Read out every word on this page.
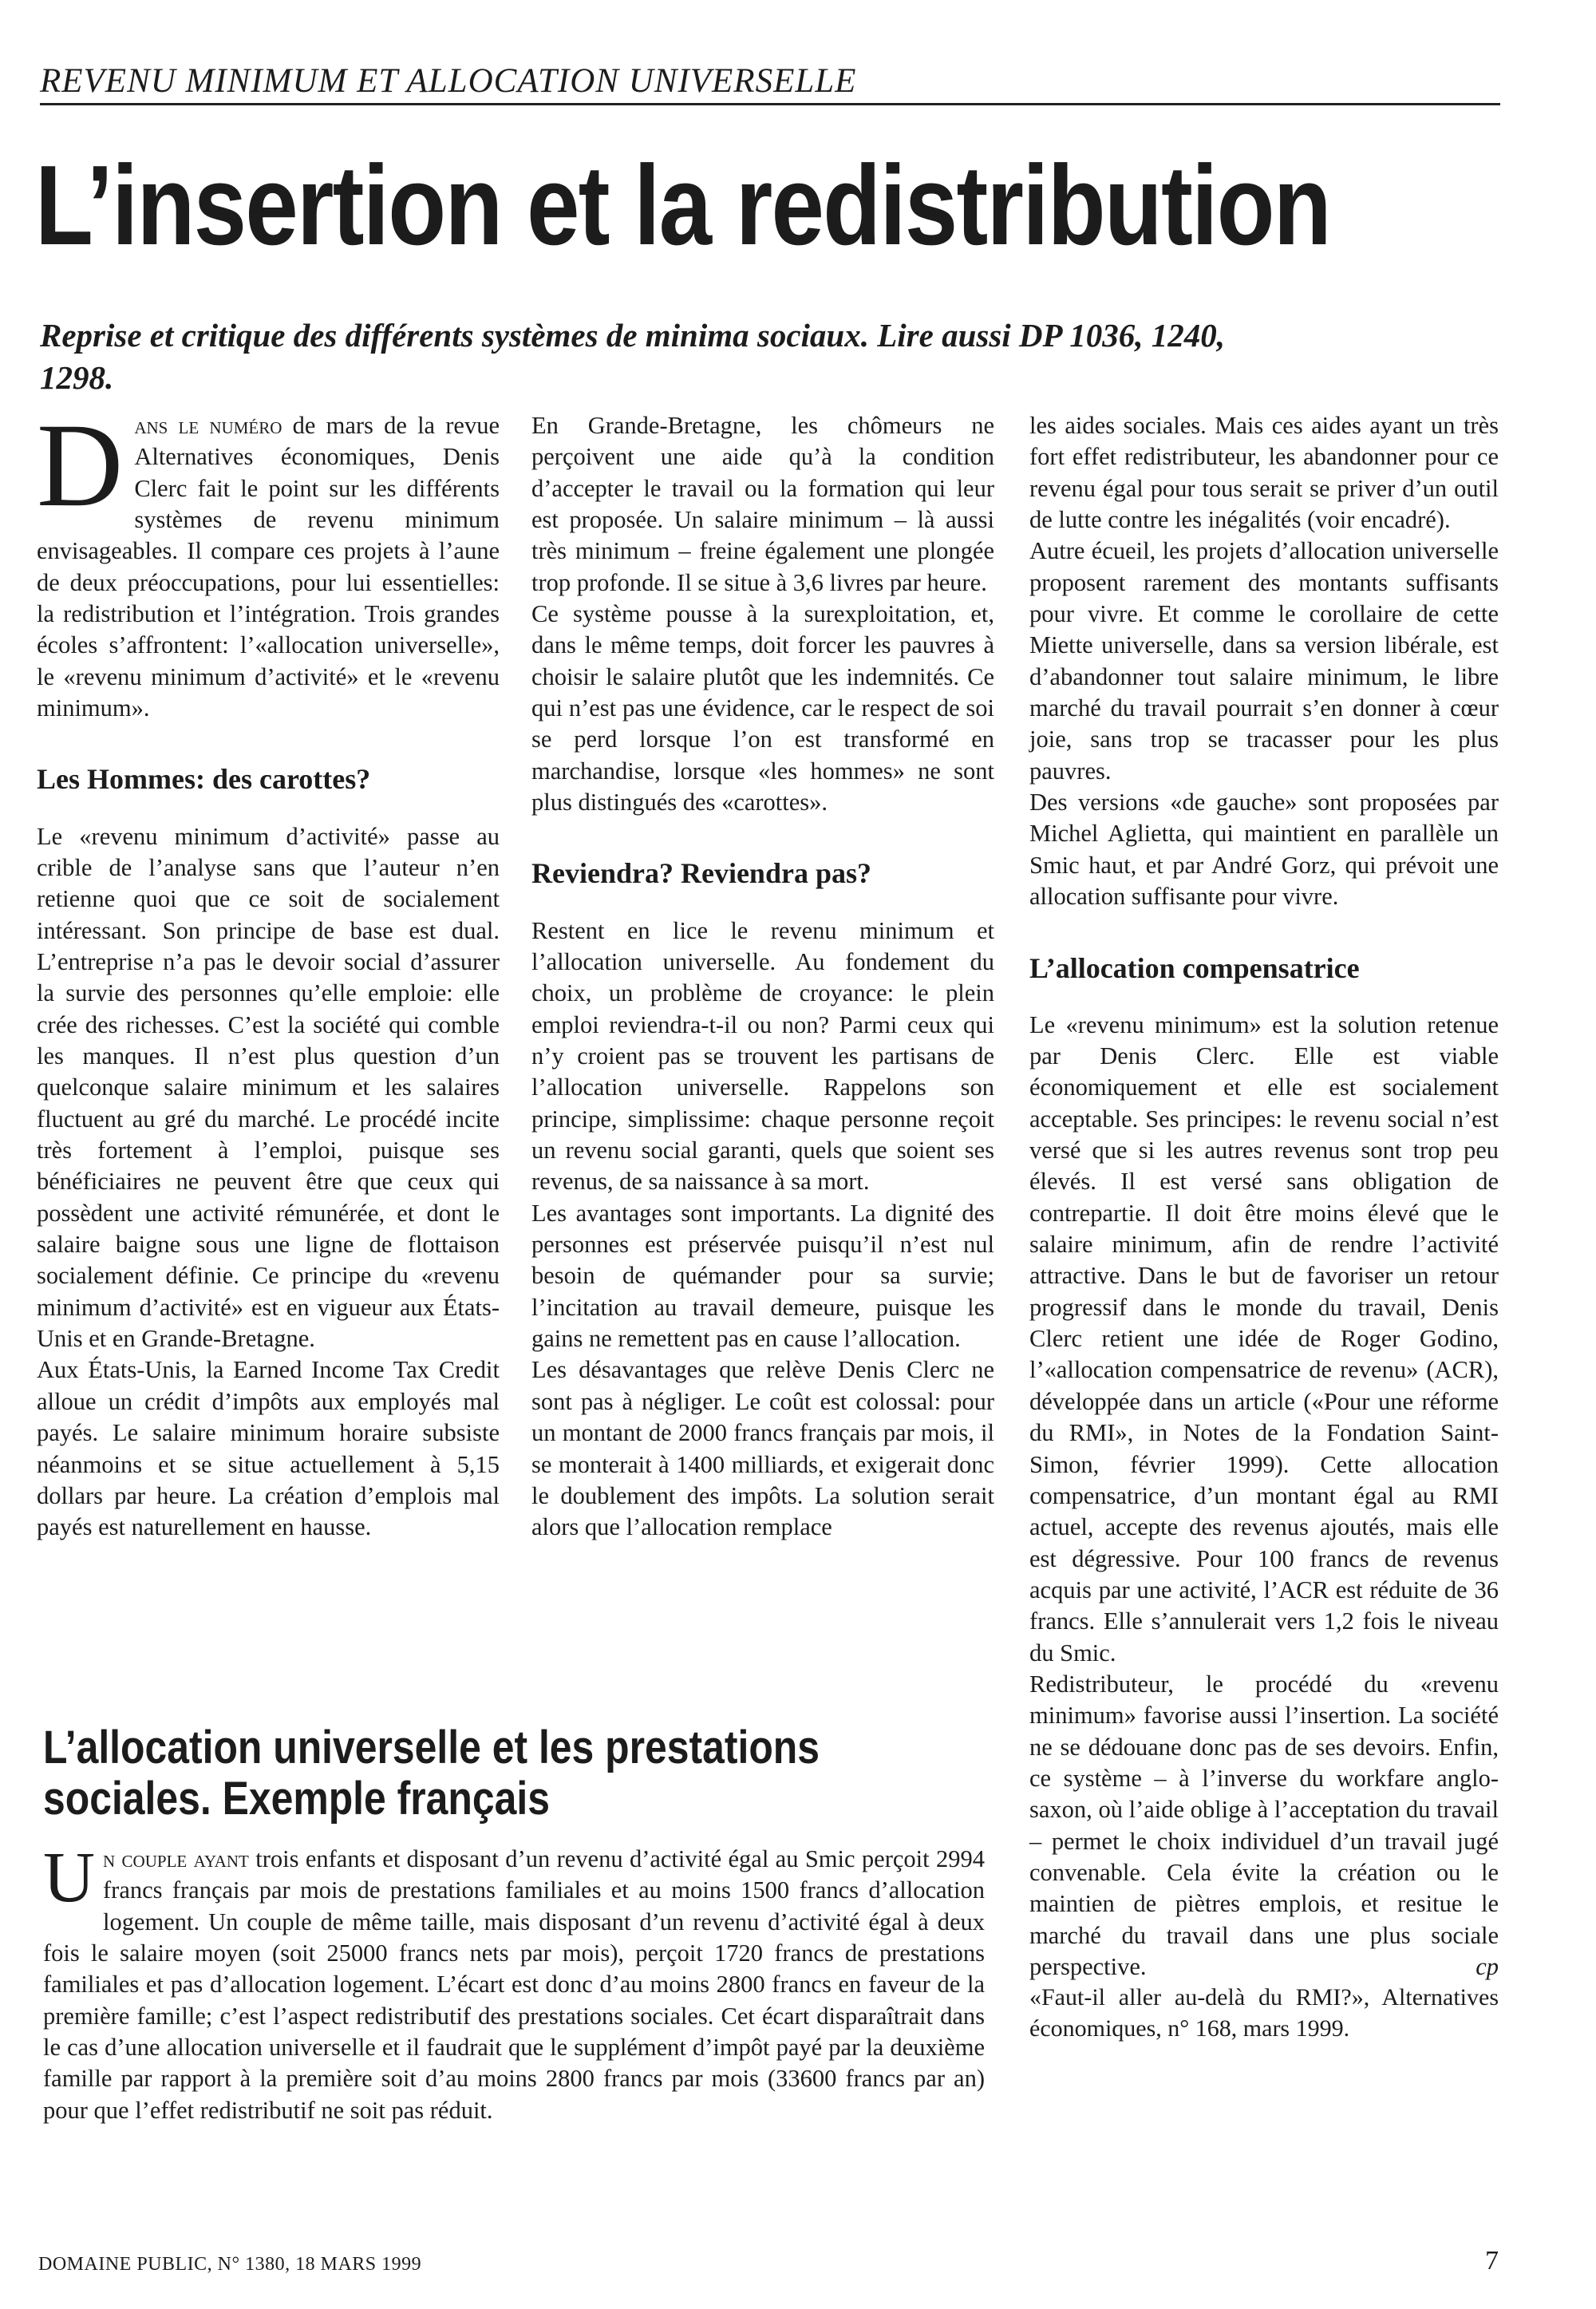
REVENU MINIMUM ET ALLOCATION UNIVERSELLE
L’insertion et la redistribution
Reprise et critique des différents systèmes de minima sociaux. Lire aussi DP 1036, 1240, 1298.

Dans le numéro de mars de la revue Alternatives économiques, Denis Clerc fait le point sur les différents systèmes de revenu minimum envisageables. Il compare ces projets à l’aune de deux préoccupations, pour lui essentielles: la redistribution et l’intégration. Trois grandes écoles s’affrontent: l’«allocation universelle», le «revenu minimum d’activité» et le «revenu minimum».

Les Hommes: des carottes?

Le «revenu minimum d’activité» passe au crible de l’analyse sans que l’auteur n’en retienne quoi que ce soit de socialement intéressant. Son principe de base est dual. L’entreprise n’a pas le devoir social d’assurer la survie des personnes qu’elle emploie: elle crée des richesses. C’est la société qui comble les manques. Il n’est plus question d’un quelconque salaire minimum et les salaires fluctuent au gré du marché. Le procédé incite très fortement à l’emploi, puisque ses bénéficiaires ne peuvent être que ceux qui possèdent une activité rémunérée, et dont le salaire baigne sous une ligne de flottaison socialement définie. Ce principe du «revenu minimum d’activité» est en vigueur aux États-Unis et en Grande-Bretagne.

Aux États-Unis, la Earned Income Tax Credit alloue un crédit d’impôts aux employés mal payés. Le salaire minimum horaire subsiste néanmoins et se situe actuellement à 5,15 dollars par heure. La création d’emplois mal payés est naturellement en hausse.

En Grande-Bretagne, les chômeurs ne perçoivent une aide qu’à la condition d’accepter le travail ou la formation qui leur est proposée. Un salaire minimum – là aussi très minimum – freine également une plongée trop profonde. Il se situe à 3,6 livres par heure.

Ce système pousse à la surexploitation, et, dans le même temps, doit forcer les pauvres à choisir le salaire plutôt que les indemnités. Ce qui n’est pas une évidence, car le respect de soi se perd lorsque l’on est transformé en marchandise, lorsque «les hommes» ne sont plus distingués des «carottes».

Reviendra? Reviendra pas?

Restent en lice le revenu minimum et l’allocation universelle. Au fondement du choix, un problème de croyance: le plein emploi reviendra-t-il ou non? Parmi ceux qui n’y croient pas se trouvent les partisans de l’allocation universelle. Rappelons son principe, simplissime: chaque personne reçoit un revenu social garanti, quels que soient ses revenus, de sa naissance à sa mort.

Les avantages sont importants. La dignité des personnes est préservée puisqu’il n’est nul besoin de quémander pour sa survie; l’incitation au travail demeure, puisque les gains ne remettent pas en cause l’allocation.

Les désavantages que relève Denis Clerc ne sont pas à négliger. Le coût est colossal: pour un montant de 2000 francs français par mois, il se monterait à 1400 milliards, et exigerait donc le doublement des impôts. La solution serait alors que l’allocation remplace

les aides sociales. Mais ces aides ayant un très fort effet redistributeur, les abandonner pour ce revenu égal pour tous serait se priver d’un outil de lutte contre les inégalités (voir encadré).

Autre écueil, les projets d’allocation universelle proposent rarement des montants suffisants pour vivre. Et comme le corollaire de cette Miette universelle, dans sa version libérale, est d’abandonner tout salaire minimum, le libre marché du travail pourrait s’en donner à cœur joie, sans trop se tracasser pour les plus pauvres.

Des versions «de gauche» sont proposées par Michel Aglietta, qui maintient en parallèle un Smic haut, et par André Gorz, qui prévoit une allocation suffisante pour vivre.

L’allocation compensatrice

Le «revenu minimum» est la solution retenue par Denis Clerc. Elle est viable économiquement et elle est socialement acceptable. Ses principes: le revenu social n’est versé que si les autres revenus sont trop peu élevés. Il est versé sans obligation de contrepartie. Il doit être moins élevé que le salaire minimum, afin de rendre l’activité attractive. Dans le but de favoriser un retour progressif dans le monde du travail, Denis Clerc retient une idée de Roger Godino, l’«allocation compensatrice de revenu» (ACR), développée dans un article («Pour une réforme du RMI», in Notes de la Fondation Saint-Simon, février 1999). Cette allocation compensatrice, d’un montant égal au RMI actuel, accepte des revenus ajoutés, mais elle est dégressive. Pour 100 francs de revenus acquis par une activité, l’ACR est réduite de 36 francs. Elle s’annulerait vers 1,2 fois le niveau du Smic.

Redistributeur, le procédé du «revenu minimum» favorise aussi l’insertion. La société ne se dédouane donc pas de ses devoirs. Enfin, ce système – à l’inverse du workfare anglo-saxon, où l’aide oblige à l’acceptation du travail – permet le choix individuel d’un travail jugé convenable. Cela évite la création ou le maintien de piètres emplois, et resitue le marché du travail dans une plus sociale perspective.	cp

«Faut-il aller au-delà du RMI?», Alternatives économiques, n° 168, mars 1999.

L’allocation universelle et les prestations sociales. Exemple français
Un couple ayant trois enfants et disposant d’un revenu d’activité égal au Smic perçoit 2994 francs français par mois de prestations familiales et au moins 1500 francs d’allocation logement. Un couple de même taille, mais disposant d’un revenu d’activité égal à deux fois le salaire moyen (soit 25000 francs nets par mois), perçoit 1720 francs de prestations familiales et pas d’allocation logement. L’écart est donc d’au moins 2800 francs en faveur de la première famille; c’est l’aspect redistributif des prestations sociales. Cet écart disparaîtrait dans le cas d’une allocation universelle et il faudrait que le supplément d’impôt payé par la deuxième famille par rapport à la première soit d’au moins 2800 francs par mois (33600 francs par an) pour que l’effet redistributif ne soit pas réduit.
DOMAINE PUBLIC, N° 1380, 18 MARS 1999	7
